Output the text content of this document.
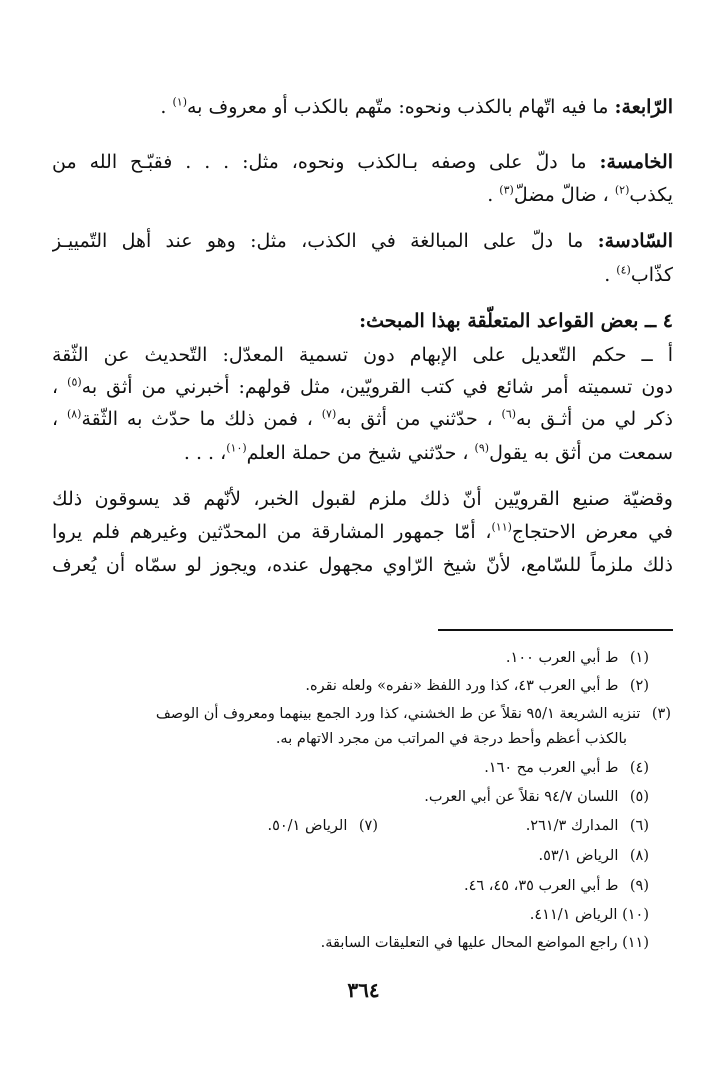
الرّابعة: ما فيه اتّهام بالكذب ونحوه: متّهم بالكذب أو معروف به$^{(١)}$ .
الخامسة: ما دلّ على وصفه بـالكذب ونحوه، مثل: . . . فقبّـح الله من
يكذب$^{(٢)}$ ، ضالّ مضلّ$^{(٣)}$ .
السّادسة: ما دلّ على المبالغة في الكذب، مثل: وهو عند أهل التّمييـز
كذّاب$^{(٤)}$ .
٤ ــ بعض القواعد المتعلّقة بهذا المبحث:
أ ــ حكم التّعديل على الإبهام دون تسمية المعدّل: التّحديث عن الثّقة
دون تسميته أمر شائع في كتب القرويّين، مثل قولهم: أخبرني من أثق به$^{(٥)}$ ،
ذكر لي من أثـق به$^{(٦)}$ ، حدّثني من أثق به$^{(٧)}$ ، فمن ذلك ما حدّث به الثّقة$^{(٨)}$ ،
سمعت من أثق به يقول$^{(٩)}$ ، حدّثني شيخ من حملة العلم$^{(١٠)}$، . . .
وقضيّة صنيع القرويّين أنّ ذلك ملزم لقبول الخبر، لأنّهم قد يسوقون ذلك
في معرض الاحتجاج$^{(١١)}$، أمّا جمهور المشارقة من المحدّثين وغيرهم فلم يروا
ذلك ملزماً للسّامع، لأنّ شيخ الرّاوي مجهول عنده، ويجوز لو سمّاه أن يُعرف
(١) ط أبي العرب ١٠٠.
(٢) ط أبي العرب ٤٣، كذا ورد اللفظ «نفره» ولعله نقره.
(٣) تنزيه الشريعة ٩٥/١ نقلاً عن ط الخشني، كذا ورد الجمع بينهما ومعروف أن الوصف
بالكذب أعظم وأحط درجة في المراتب من مجرد الاتهام به.
(٤) ط أبي العرب مح ١٦٠.
(٥) اللسان ٩٤/٧ نقلاً عن أبي العرب.
(٦) المدارك ٢٦١/٣.
(٧) الرياض ٥٠/١.
(٨) الرياض ٥٣/١.
(٩) ط أبي العرب ٣٥، ٤٥، ٤٦.
(١٠) الرياض ٤١١/١.
(١١) راجع المواضع المحال عليها في التعليقات السابقة.
٣٦٤
